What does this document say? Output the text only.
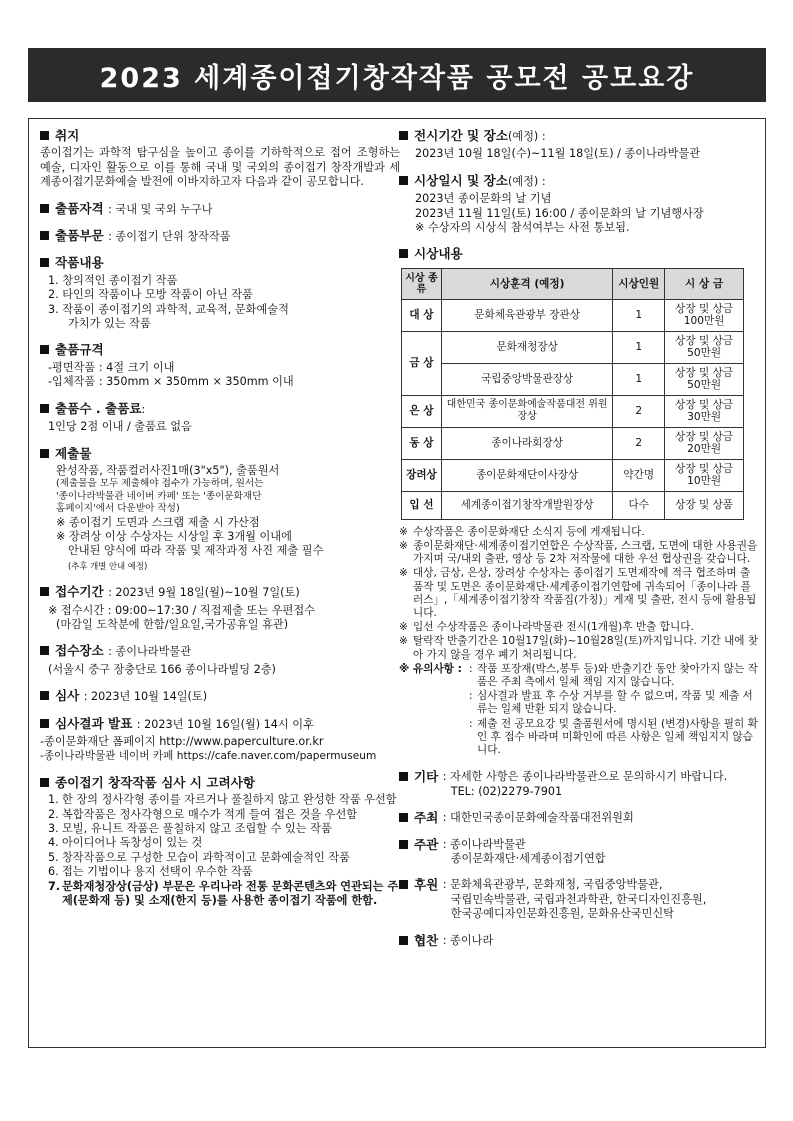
2023 세계종이접기창작작품 공모전 공모요강
취지

종이접기는 과학적 탐구심을 높이고 종이를 기하학적으로 접어 조형하는 예술, 디자인 활동으로 이를 통해 국내 및 국외의 종이접기 창작개발과 세계종이접기문화예술 발전에 이바지하고자 다음과 같이 공모합니다.

출품자격
: 국내 및 국외 누구나
출품부문
: 종이접기 단위 창작작품
작품내용
1. 창의적인 종이접기 작품
2. 타인의 작품이나 모방 작품이 아닌 작품
3. 작품이 종이접기의 과학적, 교육적, 문화예술적
가치가 있는 작품
출품규격
-평면작품 : 4절 크기 이내
-입체작품 : 350mm × 350mm × 350mm 이내
출품수 . 출품료 :
1인당 2점 이내 / 출품료 없음
제출물
완성작품, 작품컬러사진1매(3"x5"), 출품원서
(제출물을 모두 제출해야 접수가 가능하며, 원서는
'종이나라박물관 네이버 카페' 또는 '종이문화재단
홈페이지'에서 다운받아 작성)
※ 종이접기 도면과 스크랩 제출 시 가산점
※ 장려상 이상 수상자는 시상일 후 3개월 이내에
안내된 양식에 따라 작품 및 제작과정 사진 제출 필수
(추후 개별 안내 예정)
접수기간
: 2023년 9월 18일(월)~10월 7일(토)
※ 접수시간 : 09:00~17:30 / 직접제출 또는 우편접수
(마감일 도착분에 한함/일요일,국가공휴일 휴관)
접수장소
: 종이나라박물관
(서울시 중구 장충단로 166 종이나라빌딩 2층)
심사
: 2023년 10월 14일(토)
심사결과 발표
: 2023년 10월 16일(월) 14시 이후
-종이문화재단 폼페이지 http://www.paperculture.or.kr
-종이나라박물관 네이버 카페 https://cafe.naver.com/papermuseum
종이접기 창작작품 심사 시 고려사항
1. 한 장의 정사각형 종이를 자르거나 풀칠하지 않고 완성한 작품 우선함
2. 복합작품은 정사각형으로 매수가 적게 들여 접은 것을 우선함
3. 모빌, 유니트 작품은 풀칠하지 않고 조립할 수 있는 작품
4. 아이디어나 독창성이 있는 것
5. 창작작품으로 구성한 모습이 과학적이고 문화예술적인 작품
6. 접는 기법이나 용지 선택이 우수한 작품
7. 문화재청장상(금상) 부문은 우리나라 전통 문화콘텐츠와 연관되는 주제(문화재 등) 및 소재(한지 등)를 사용한 종이접기 작품에 한함.
전시기간 및 장소 (예정) :
2023년 10월 18일(수)~11월 18일(토) / 종이나라박물관
시상일시 및 장소 (예정) :
2023년 종이문화의 날 기념
2023년 11월 11일(토) 16:00 / 종이문화의 날 기념행사장
※ 수상자의 시상식 참석여부는 사전 통보됨.
시상내용
시상 종류	시상훈격 (예정)	시상인원	시 상 금
대 상	문화체육관광부 장관상	1	상장 및 상금 100만원
금 상	문화재청장상	1	상장 및 상금 50만원
	국립중앙박물관장상	1	상장 및 상금 50만원
은 상	대한민국 종이문화예술작품대전 위원장상	2	상장 및 상금 30만원
동 상	종이나라회장상	2	상장 및 상금 20만원
장려상	종이문화재단이사장상	약간명	상장 및 상금 10만원
입 선	세계종이접기창작개발원장상	다수	상장 및 상품
※ 수상작품은 종이문화재단 소식지 등에 게재됩니다.
※ 종이문화재단·세계종이접기연합은 수상작품, 스크랩, 도면에 대한 사용권을 가지며 국/내외 출판, 영상 등 2차 저작물에 대한 우선 협상권을 갖습니다.
※ 대상, 금상, 은상, 장려상 수상자는 종이접기 도면제작에 적극 협조하며 출품작 및 도면은 종이문화재단·세계종이접기연합에 귀속되어「종이나라 플러스」,「세계종이접기창작 작품집(가칭)」게재 및 출판, 전시 등에 활용됩니다.
※ 입선 수상작품은 종이나라박물관 전시(1개월)후 반출 합니다.
※ 탈락작 반출기간은 10월17일(화)~10월28일(토)까지입니다. 기간 내에 찾아 가지 않을 경우 폐기 처리됩니다.
※ 유의사항 : : 작품 포장재(박스,봉투 등)와 반출기간 동안 찾아가지 않는 작품은 주최 측에서 일체 책임 지지 않습니다.
: 심사결과 발표 후 수상 거부를 할 수 없으며, 작품 및 제출 서류는 일체 반환 되지 않습니다.
: 제출 전 공모요강 및 출품원서에 명시된 (변경)사항을 필히 확인 후 접수 바라며 미확인에 따른 사항은 일체 책임지지 않습니다.
기타
: 자세한 사항은 종이나라박물관으로 문의하시기 바랍니다.
TEL: (02)2279-7901
주최
: 대한민국종이문화예술작품대전위원회
주관
: 종이나라박물관
종이문화재단·세계종이접기연합
후원
: 문화체육관광부, 문화재청, 국립중앙박물관,
국립민속박물관, 국립과천과학관, 한국디자인진흥원,
한국공예디자인문화진흥원, 문화유산국민신탁
협찬
: 종이나라
